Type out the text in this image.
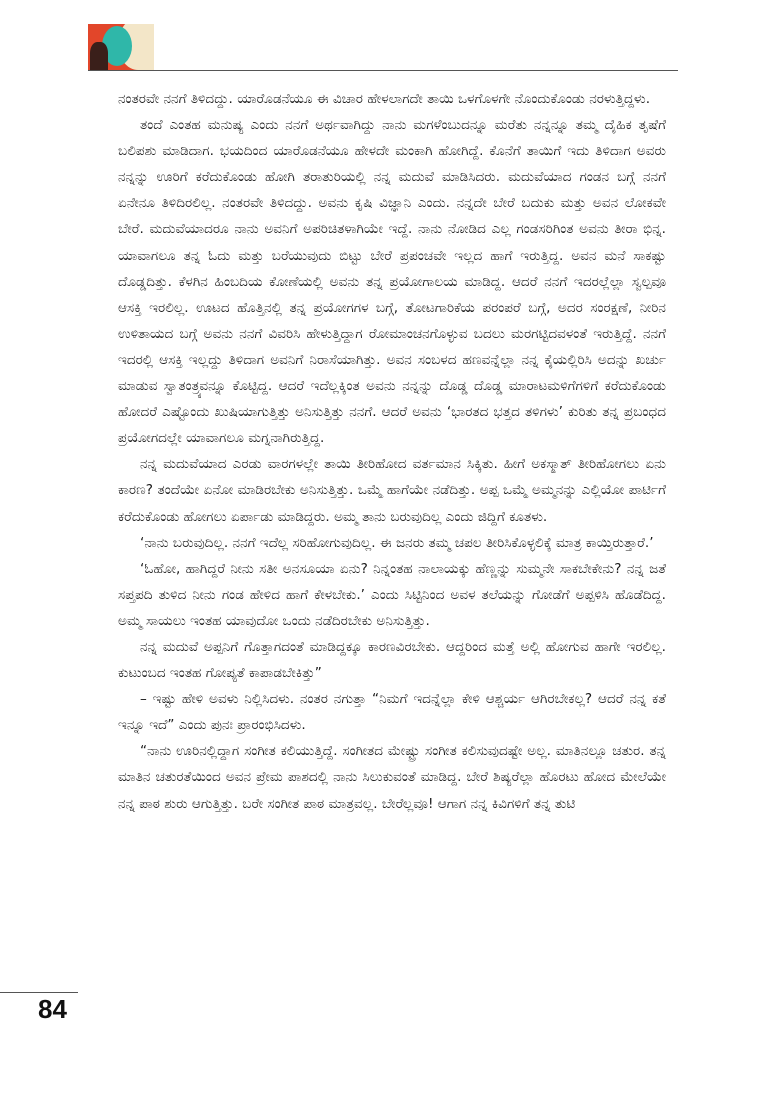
ನಂತರವೇ ನನಗೆ ತಿಳಿದದ್ದು. ಯಾರೊಡನೆಯೂ ಈ ವಿಚಾರ ಹೇಳಲಾಗದೇ ತಾಯಿ ಒಳಗೊಳಗೇ ನೊಂದುಕೊಂಡು ನರಳುತ್ತಿದ್ದಳು.

ತಂದೆ ಎಂತಹ ಮನುಷ್ಯ ಎಂದು ನನಗೆ ಅರ್ಥವಾಗಿದ್ದು ನಾನು ಮಗಳೆಂಬುದನ್ನೂ ಮರೆತು ನನ್ನನ್ನೂ ತಮ್ಮ ದೈಹಿಕ ತೃಷೆಗೆ ಬಲಿಪಶು ಮಾಡಿದಾಗ. ಭಯದಿಂದ ಯಾರೊಡನೆಯೂ ಹೇಳದೇ ಮಂಕಾಗಿ ಹೋಗಿದ್ದೆ. ಕೊನೆಗೆ ತಾಯಿಗೆ ಇದು ತಿಳಿದಾಗ ಅವರು ನನ್ನನ್ನು ಊರಿಗೆ ಕರೆದುಕೊಂಡು ಹೋಗಿ ತರಾತುರಿಯಲ್ಲಿ ನನ್ನ ಮದುವೆ ಮಾಡಿಸಿದರು. ಮದುವೆಯಾದ ಗಂಡನ ಬಗ್ಗೆ ನನಗೆ ಏನೇನೂ ತಿಳಿದಿರಲಿಲ್ಲ. ನಂತರವೇ ತಿಳಿದದ್ದು. ಅವನು ಕೃಷಿ ವಿಜ್ಞಾನಿ ಎಂದು. ನನ್ನದೇ ಬೇರೆ ಬದುಕು ಮತ್ತು ಅವನ ಲೋಕವೇ ಬೇರೆ. ಮದುವೆಯಾದರೂ ನಾನು ಅವನಿಗೆ ಅಪರಿಚಿತಳಾಗಿಯೇ ಇದ್ದೆ. ನಾನು ನೋಡಿದ ಎಲ್ಲ ಗಂಡಸರಿಗಿಂತ ಅವನು ತೀರಾ ಭಿನ್ನ. ಯಾವಾಗಲೂ ತನ್ನ ಓದು ಮತ್ತು ಬರೆಯುವುದು ಬಿಟ್ಟು ಬೇರೆ ಪ್ರಪಂಚವೇ ಇಲ್ಲದ ಹಾಗೆ ಇರುತ್ತಿದ್ದ. ಅವನ ಮನೆ ಸಾಕಷ್ಟು ದೊಡ್ಡದಿತ್ತು. ಕೆಳಗಿನ ಹಿಂಬದಿಯ ಕೋಣೆಯಲ್ಲಿ ಅವನು ತನ್ನ ಪ್ರಯೋಗಾಲಯ ಮಾಡಿದ್ದ. ಆದರೆ ನನಗೆ ಇದರಲ್ಲೆಲ್ಲಾ ಸ್ವಲ್ಪವೂ ಆಸಕ್ತಿ ಇರಲಿಲ್ಲ. ಊಟದ ಹೊತ್ತಿನಲ್ಲಿ ತನ್ನ ಪ್ರಯೋಗಗಳ ಬಗ್ಗೆ, ತೋಟಗಾರಿಕೆಯ ಪರಂಪರೆ ಬಗ್ಗೆ, ಅದರ ಸಂರಕ್ಷಣೆ, ನೀರಿನ ಉಳಿತಾಯದ ಬಗ್ಗೆ ಅವನು ನನಗೆ ವಿವರಿಸಿ ಹೇಳುತ್ತಿದ್ದಾಗ ರೋಮಾಂಚನಗೊಳ್ಳುವ ಬದಲು ಮರಗಟ್ಟಿದವಳಂತೆ ಇರುತ್ತಿದ್ದೆ. ನನಗೆ ಇದರಲ್ಲಿ ಆಸಕ್ತಿ ಇಲ್ಲದ್ದು ತಿಳಿದಾಗ ಅವನಿಗೆ ನಿರಾಸೆಯಾಗಿತ್ತು. ಅವನ ಸಂಬಳದ ಹಣವನ್ನೆಲ್ಲಾ ನನ್ನ ಕೈಯಲ್ಲಿರಿಸಿ ಅದನ್ನು ಖರ್ಚು ಮಾಡುವ ಸ್ವಾತಂತ್ರ್ಯವನ್ನೂ ಕೊಟ್ಟಿದ್ದ. ಆದರೆ ಇದೆಲ್ಲಕ್ಕಿಂತ ಅವನು ನನ್ನನ್ನು ದೊಡ್ಡ ದೊಡ್ಡ ಮಾರಾಟಮಳಿಗೆಗಳಿಗೆ ಕರೆದುಕೊಂಡು ಹೋದರೆ ಎಷ್ಟೊಂದು ಖುಷಿಯಾಗುತ್ತಿತ್ತು ಅನಿಸುತ್ತಿತ್ತು ನನಗೆ. ಆದರೆ ಅವನು ‘ಭಾರತದ ಭತ್ತದ ತಳಿಗಳು’ ಕುರಿತು ತನ್ನ ಪ್ರಬಂಧದ ಪ್ರಯೋಗದಲ್ಲೇ ಯಾವಾಗಲೂ ಮಗ್ನನಾಗಿರುತ್ತಿದ್ದ.

ನನ್ನ ಮದುವೆಯಾದ ಎರಡು ವಾರಗಳಲ್ಲೇ ತಾಯಿ ತೀರಿಹೋದ ವರ್ತಮಾನ ಸಿಕ್ಕಿತು. ಹೀಗೆ ಅಕಸ್ಮಾತ್ ತೀರಿಹೋಗಲು ಏನು ಕಾರಣ? ತಂದೆಯೇ ಏನೋ ಮಾಡಿರಬೇಕು ಅನಿಸುತ್ತಿತ್ತು. ಒಮ್ಮೆ ಹಾಗೆಯೇ ನಡೆದಿತ್ತು. ಅಪ್ಪ ಒಮ್ಮೆ ಅಮ್ಮನನ್ನು ಎಲ್ಲಿಯೋ ಪಾರ್ಟಿಗೆ ಕರೆದುಕೊಂಡು ಹೋಗಲು ಏರ್ಪಾಡು ಮಾಡಿದ್ದರು. ಅಮ್ಮ ತಾನು ಬರುವುದಿಲ್ಲ ಎಂದು ಜಿದ್ದಿಗೆ ಕೂತಳು.

‘ನಾನು ಬರುವುದಿಲ್ಲ. ನನಗೆ ಇದೆಲ್ಲ ಸರಿಹೋಗುವುದಿಲ್ಲ. ಈ ಜನರು ತಮ್ಮ ಚಪಲ ತೀರಿಸಿಕೊಳ್ಳಲಿಕ್ಕೆ ಮಾತ್ರ ಕಾಯ್ತಿರುತ್ತಾರೆ.’

‘ಓಹೋ, ಹಾಗಿದ್ದರೆ ನೀನು ಸತೀ ಅನಸೂಯಾ ಏನು? ನಿನ್ನಂತಹ ನಾಲಾಯಕ್ಕು ಹೆಣ್ಣನ್ನು ಸುಮ್ಮನೇ ಸಾಕಬೇಕೇನು? ನನ್ನ ಜತೆ ಸಪ್ತಪದಿ ತುಳಿದ ನೀನು ಗಂಡ ಹೇಳಿದ ಹಾಗೆ ಕೇಳಬೇಕು.’ ಎಂದು ಸಿಟ್ಟಿನಿಂದ ಅವಳ ತಲೆಯನ್ನು ಗೋಡೆಗೆ ಅಪ್ಪಳಿಸಿ ಹೊಡೆದಿದ್ದ. ಅಮ್ಮ ಸಾಯಲು ಇಂತಹ ಯಾವುದೋ ಒಂದು ನಡೆದಿರಬೇಕು ಅನಿಸುತ್ತಿತ್ತು.

ನನ್ನ ಮದುವೆ ಅಪ್ಪನಿಗೆ ಗೊತ್ತಾಗದಂತೆ ಮಾಡಿದ್ದಕ್ಕೂ ಕಾರಣವಿರಬೇಕು. ಆದ್ದರಿಂದ ಮತ್ತೆ ಅಲ್ಲಿ ಹೋಗುವ ಹಾಗೇ ಇರಲಿಲ್ಲ. ಕುಟುಂಬದ ಇಂತಹ ಗೋಪ್ಯತೆ ಕಾಪಾಡಬೇಕಿತ್ತು”

– ಇಷ್ಟು ಹೇಳಿ ಅವಳು ನಿಲ್ಲಿಸಿದಳು. ನಂತರ ನಗುತ್ತಾ “ನಿಮಗೆ ಇದನ್ನೆಲ್ಲಾ ಕೇಳಿ ಆಶ್ಚರ್ಯ ಆಗಿರಬೇಕಲ್ಲ? ಆದರೆ ನನ್ನ ಕತೆ ಇನ್ನೂ ಇದೆ” ಎಂದು ಪುನಃ ಪ್ರಾರಂಭಿಸಿದಳು.

“ನಾನು ಊರಿನಲ್ಲಿದ್ದಾಗ ಸಂಗೀತ ಕಲಿಯುತ್ತಿದ್ದೆ. ಸಂಗೀತದ ಮೇಷ್ಟ್ರು ಸಂಗೀತ ಕಲಿಸುವುದಷ್ಟೇ ಅಲ್ಲ. ಮಾತಿನಲ್ಲೂ ಚತುರ. ತನ್ನ ಮಾತಿನ ಚತುರತೆಯಿಂದ ಅವನ ಪ್ರೇಮ ಪಾಶದಲ್ಲಿ ನಾನು ಸಿಲುಕುವಂತೆ ಮಾಡಿದ್ದ. ಬೇರೆ ಶಿಷ್ಯರೆಲ್ಲಾ ಹೊರಟು ಹೋದ ಮೇಲೆಯೇ ನನ್ನ ಪಾಠ ಶುರು ಆಗುತ್ತಿತ್ತು. ಬರೇ ಸಂಗೀತ ಪಾಠ ಮಾತ್ರವಲ್ಲ. ಬೇರೆಲ್ಲವೂ! ಆಗಾಗ ನನ್ನ ಕಿವಿಗಳಿಗೆ ತನ್ನ ತುಟಿ

84
